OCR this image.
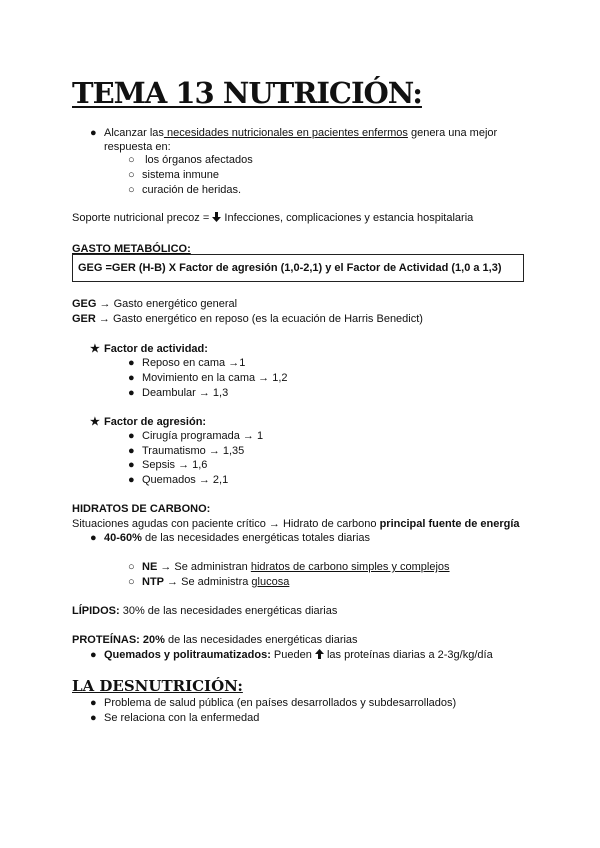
TEMA 13 NUTRICIÓN:
● Alcanzar las necesidades nutricionales en pacientes enfermos genera una mejor
respuesta en:
○ los órganos afectados
○ sistema inmune
○ curación de heridas.
Soporte nutricional precoz =
Infecciones, complicaciones y estancia hospitalaria
GASTO METABÓLICO:
GEG =GER (H-B) X Factor de agresión (1,0-2,1) y el Factor de Actividad (1,0 a 1,3)
GEG → Gasto energético general
GER → Gasto energético en reposo (es la ecuación de Harris Benedict)
★ Factor de actividad:
● Reposo en cama →1
● Movimiento en la cama → 1,2
● Deambular → 1,3
★ Factor de agresión:
● Cirugía programada → 1
● Traumatismo → 1,35
● Sepsis → 1,6
● Quemados → 2,1
HIDRATOS DE CARBONO:
Situaciones agudas con paciente crítico → Hidrato de carbono principal fuente de energía
● 40-60% de las necesidades energéticas totales diarias
○ NE → Se administran hidratos de carbono simples y complejos
○ NTP → Se administra glucosa
LÍPIDOS: 30% de las necesidades energéticas diarias
PROTEÍNAS: 20% de las necesidades energéticas diarias
● Quemados y politraumatizados: Pueden
las proteínas diarias a 2-3g/kg/día
LA DESNUTRICIÓN:
● Problema de salud pública (en países desarrollados y subdesarrollados)
● Se relaciona con la enfermedad
